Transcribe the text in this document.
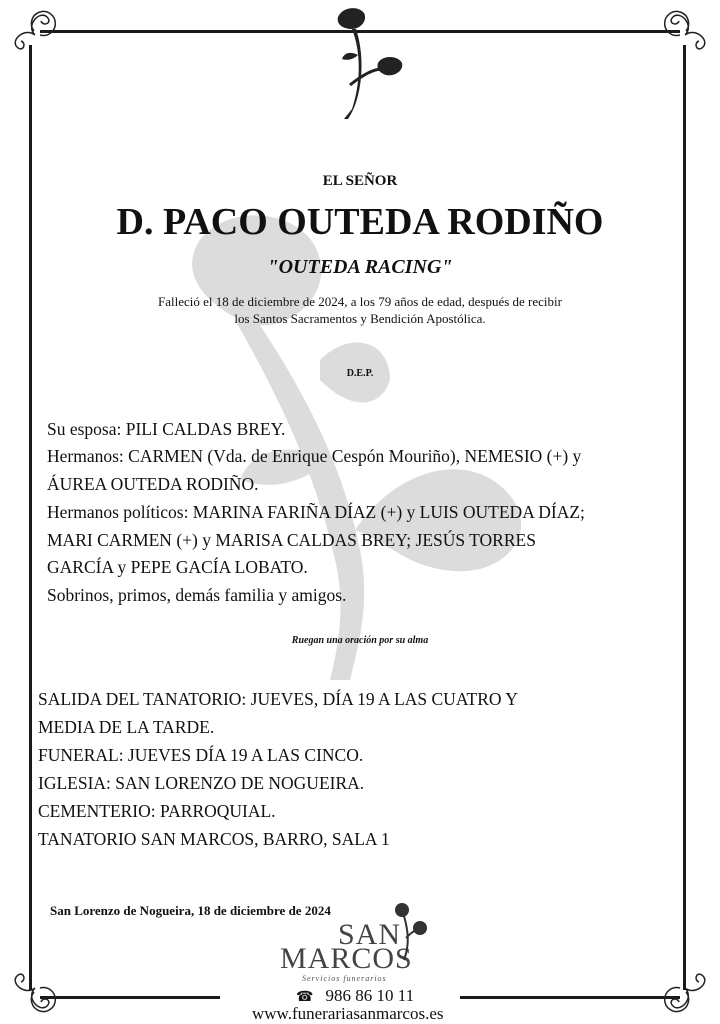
EL SEÑOR
D. PACO OUTEDA RODIÑO
"OUTEDA RACING"
Falleció el 18 de diciembre de 2024, a los 79 años de edad, después de recibir
los Santos Sacramentos y Bendición Apostólica.
D.E.P.
Su esposa: PILI CALDAS BREY.
Hermanos: CARMEN (Vda. de Enrique Cespón Mouriño), NEMESIO (+) y
ÁUREA OUTEDA RODIÑO.
Hermanos políticos: MARINA FARIÑA DÍAZ (+) y LUIS OUTEDA DÍAZ;
MARI CARMEN (+) y MARISA CALDAS BREY; JESÚS TORRES
GARCÍA y PEPE GACÍA LOBATO.
Sobrinos, primos, demás familia y amigos.
Ruegan una oración por su alma
SALIDA DEL TANATORIO: JUEVES, DÍA 19 A LAS CUATRO Y
MEDIA DE LA TARDE.
FUNERAL: JUEVES DÍA 19 A LAS CINCO.
IGLESIA: SAN LORENZO DE NOGUEIRA.
CEMENTERIO: PARROQUIAL.
TANATORIO SAN MARCOS, BARRO, SALA 1
San Lorenzo de Nogueira, 18 de diciembre de 2024
SAN
MARCOS
Servicios funerarios
☎ 986 86 10 11
www.funerariasanmarcos.es
